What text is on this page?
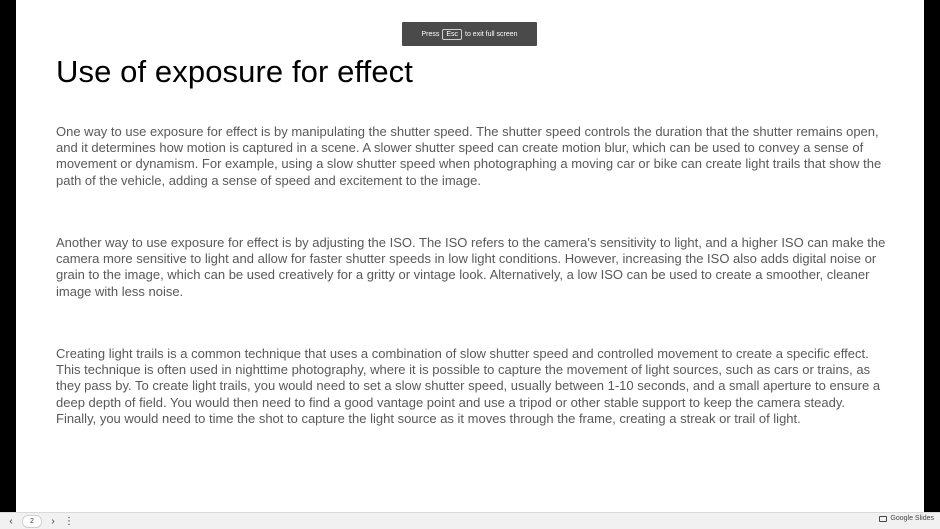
Use of exposure for effect

One way to use exposure for effect is by manipulating the shutter speed. The shutter speed controls the duration that the shutter remains open, and it determines how motion is captured in a scene. A slower shutter speed can create motion blur, which can be used to convey a sense of movement or dynamism. For example, using a slow shutter speed when photographing a moving car or bike can create light trails that show the path of the vehicle, adding a sense of speed and excitement to the image.

Another way to use exposure for effect is by adjusting the ISO. The ISO refers to the camera's sensitivity to light, and a higher ISO can make the camera more sensitive to light and allow for faster shutter speeds in low light conditions. However, increasing the ISO also adds digital noise or grain to the image, which can be used creatively for a gritty or vintage look. Alternatively, a low ISO can be used to create a smoother, cleaner image with less noise.

Creating light trails is a common technique that uses a combination of slow shutter speed and controlled movement to create a specific effect. This technique is often used in nighttime photography, where it is possible to capture the movement of light sources, such as cars or trains, as they pass by. To create light trails, you would need to set a slow shutter speed, usually between 1-10 seconds, and a small aperture to ensure a deep depth of field. You would then need to find a good vantage point and use a tripod or other stable support to keep the camera steady. Finally, you would need to time the shot to capture the light source as it moves through the frame, creating a streak or trail of light.

Press	Esc	to exit full screen
‹	2	› ⋮	Google Slides
